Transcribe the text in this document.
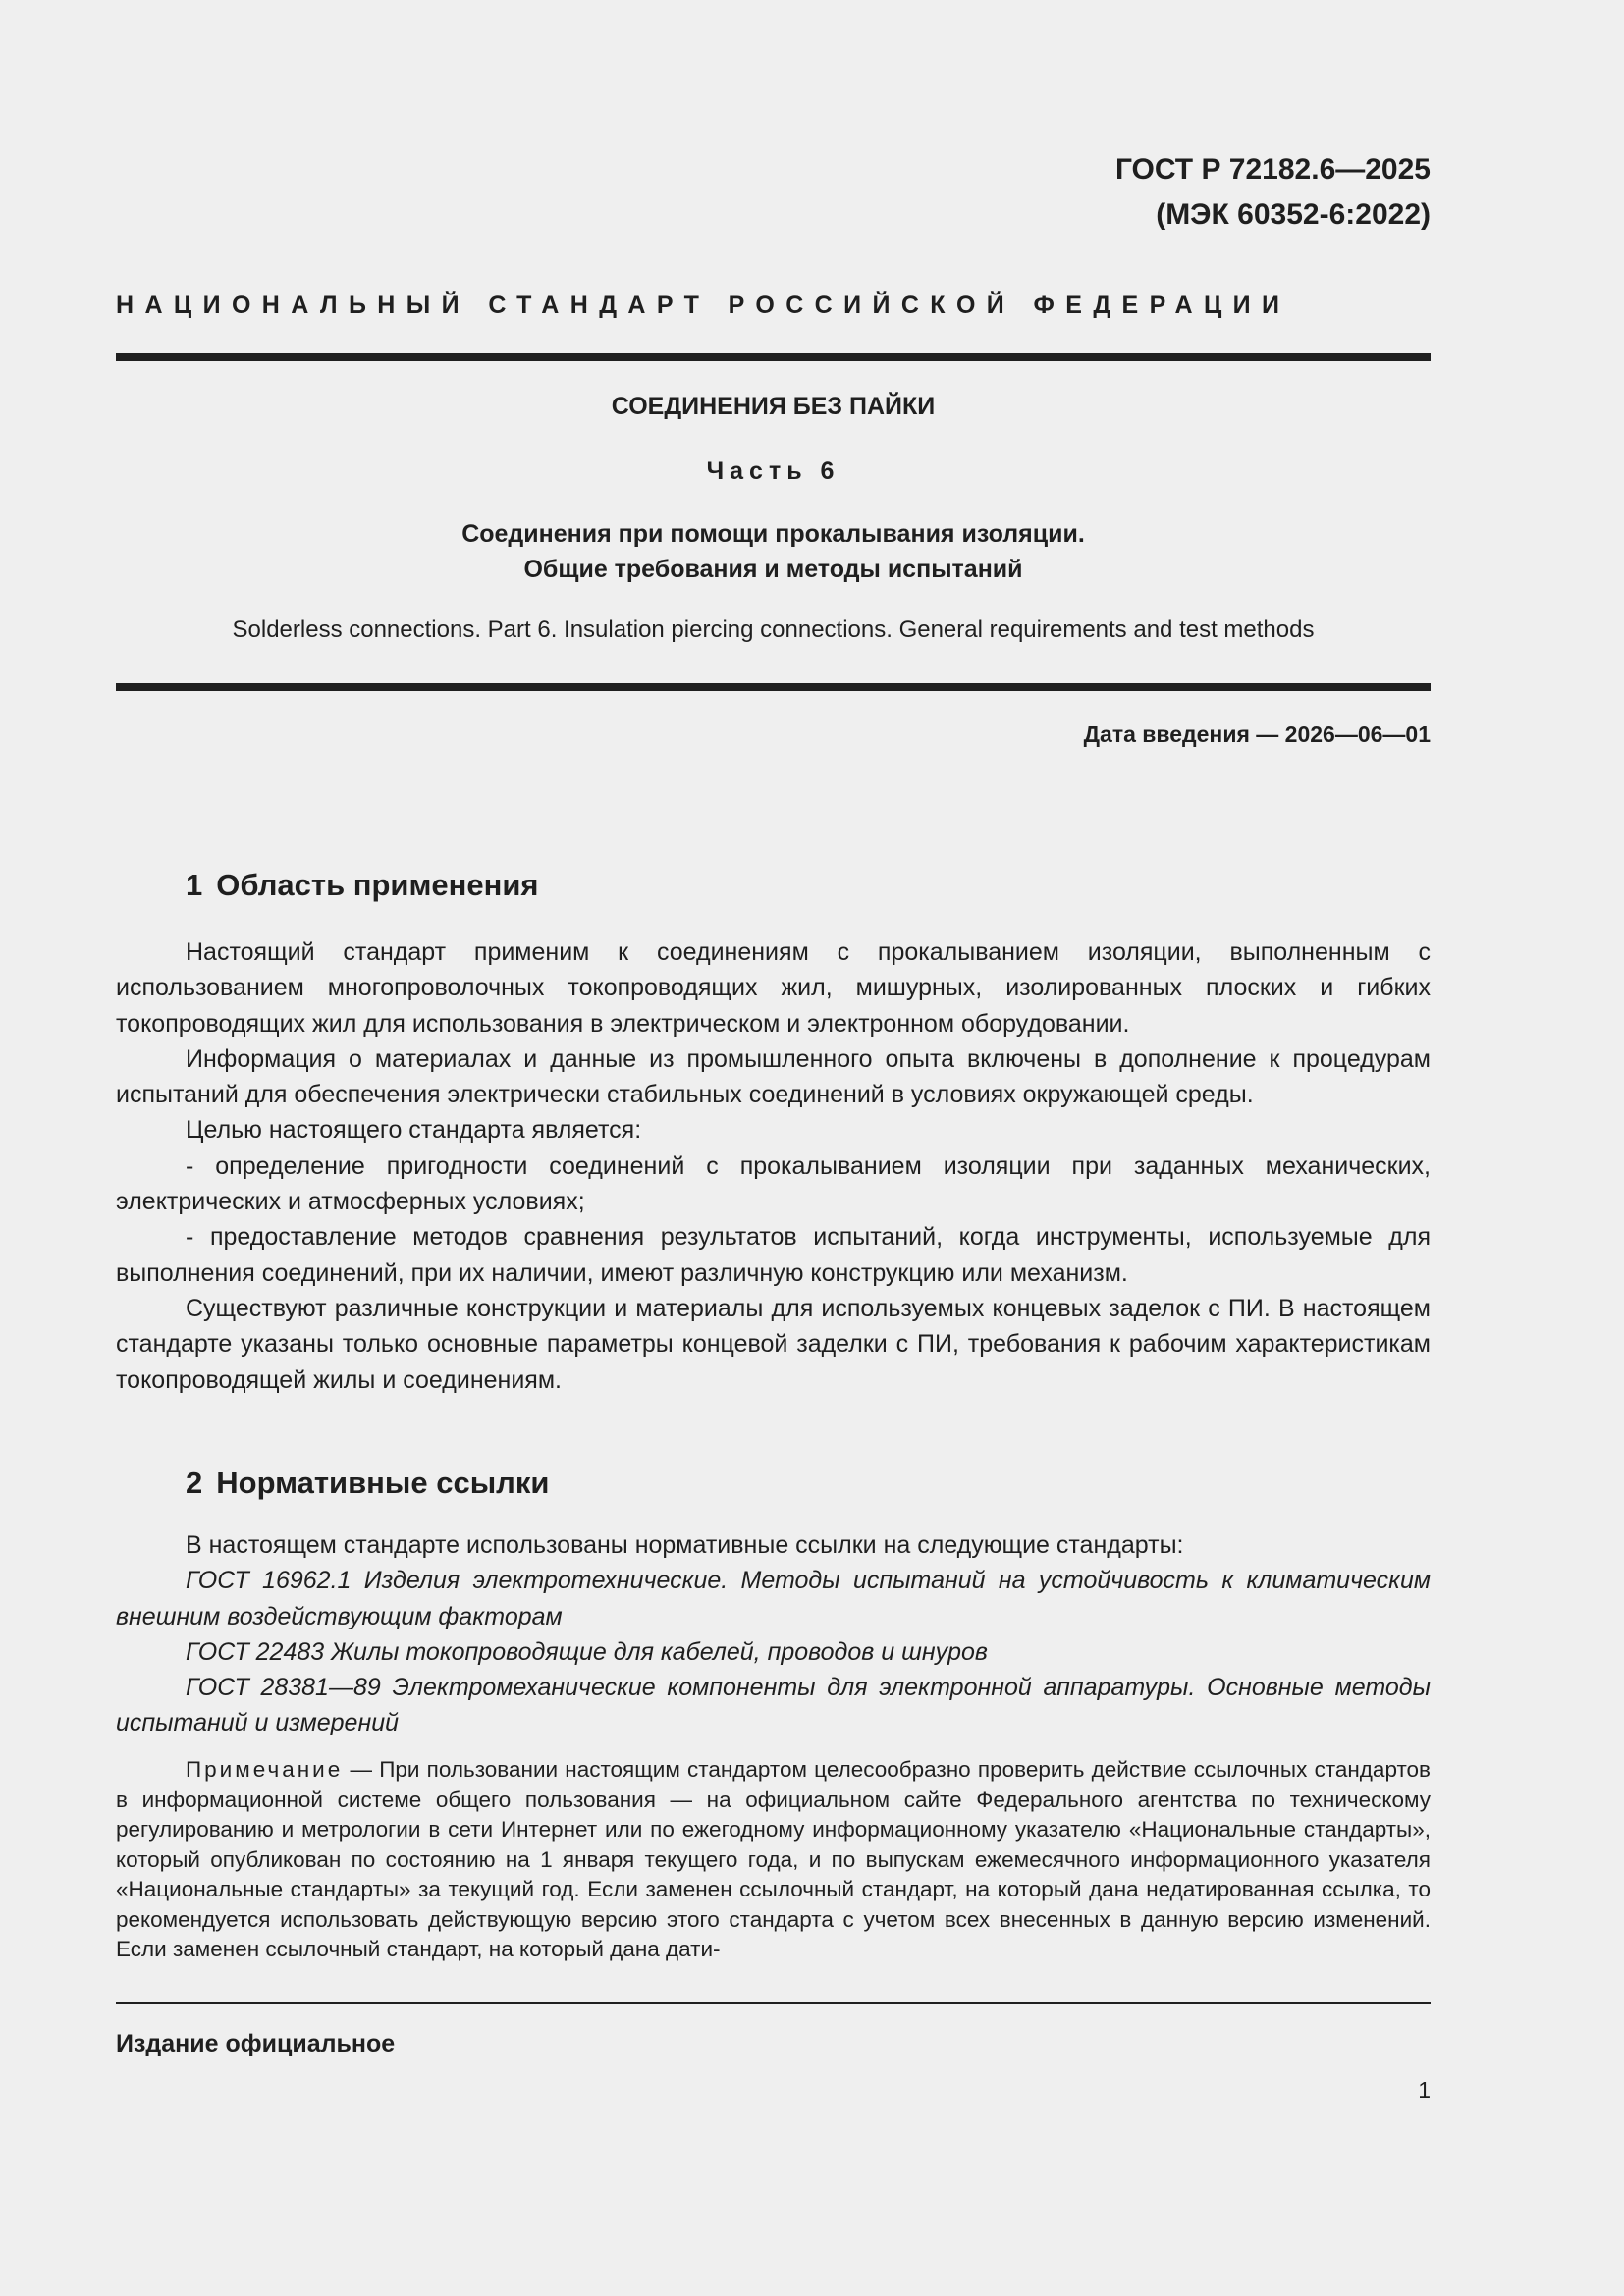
ГОСТ Р 72182.6—2025
(МЭК 60352-6:2022)
НАЦИОНАЛЬНЫЙ СТАНДАРТ РОССИЙСКОЙ ФЕДЕРАЦИИ
СОЕДИНЕНИЯ БЕЗ ПАЙКИ
Часть 6
Соединения при помощи прокалывания изоляции.
Общие требования и методы испытаний
Solderless connections. Part 6. Insulation piercing connections. General requirements and test methods
Дата введения — 2026—06—01
1 Область применения

Настоящий стандарт применим к соединениям с прокалыванием изоляции, выполненным с использованием многопроволочных токопроводящих жил, мишурных, изолированных плоских и гибких токопроводящих жил для использования в электрическом и электронном оборудовании.

Информация о материалах и данные из промышленного опыта включены в дополнение к процедурам испытаний для обеспечения электрически стабильных соединений в условиях окружающей среды.

Целью настоящего стандарта является:

- определение пригодности соединений с прокалыванием изоляции при заданных механических, электрических и атмосферных условиях;

- предоставление методов сравнения результатов испытаний, когда инструменты, используемые для выполнения соединений, при их наличии, имеют различную конструкцию или механизм.

Существуют различные конструкции и материалы для используемых концевых заделок с ПИ. В настоящем стандарте указаны только основные параметры концевой заделки с ПИ, требования к рабочим характеристикам токопроводящей жилы и соединениям.

2 Нормативные ссылки

В настоящем стандарте использованы нормативные ссылки на следующие стандарты:

ГОСТ 16962.1 Изделия электротехнические. Методы испытаний на устойчивость к климатическим внешним воздействующим факторам

ГОСТ 22483 Жилы токопроводящие для кабелей, проводов и шнуров

ГОСТ 28381—89 Электромеханические компоненты для электронной аппаратуры. Основные методы испытаний и измерений

Примечание — При пользовании настоящим стандартом целесообразно проверить действие ссылочных стандартов в информационной системе общего пользования — на официальном сайте Федерального агентства по техническому регулированию и метрологии в сети Интернет или по ежегодному информационному указателю «Национальные стандарты», который опубликован по состоянию на 1 января текущего года, и по выпускам ежемесячного информационного указателя «Национальные стандарты» за текущий год. Если заменен ссылочный стандарт, на который дана недатированная ссылка, то рекомендуется использовать действующую версию этого стандарта с учетом всех внесенных в данную версию изменений. Если заменен ссылочный стандарт, на который дана дати-

Издание официальное
1
